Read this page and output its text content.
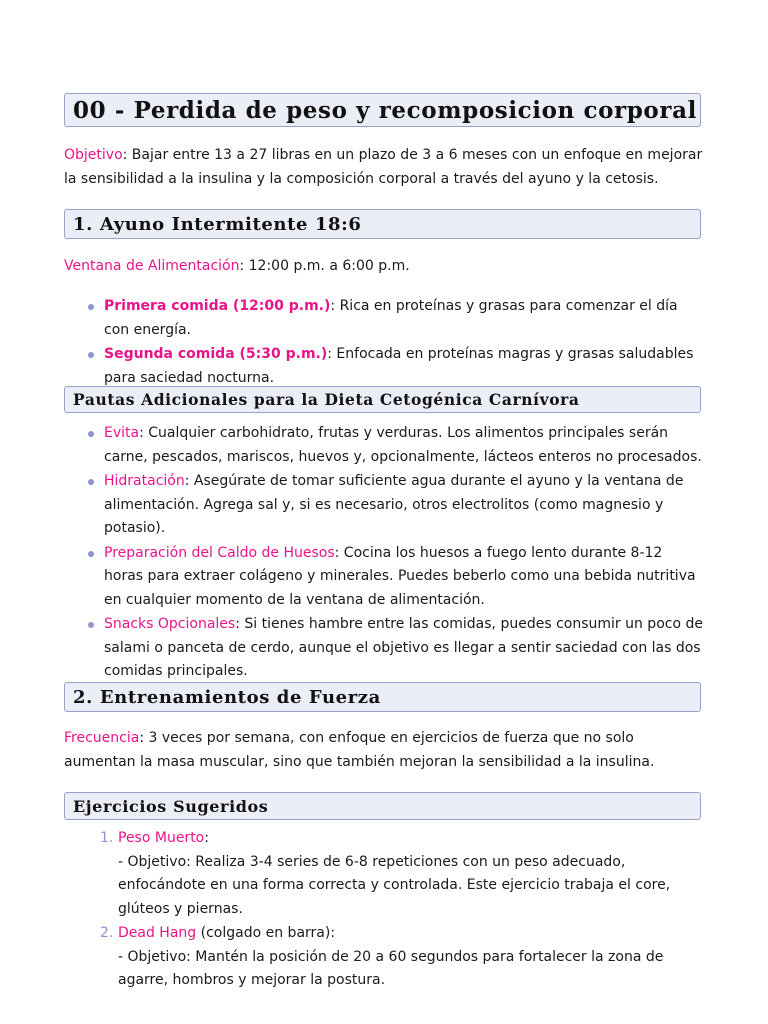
00 - Perdida de peso y recomposicion corporal

Objetivo: Bajar entre 13 a 27 libras en un plazo de 3 a 6 meses con un enfoque en mejorar la sensibilidad a la insulina y la composición corporal a través del ayuno y la cetosis.

1. Ayuno Intermitente 18:6

Ventana de Alimentación: 12:00 p.m. a 6:00 p.m.

Primera comida (12:00 p.m.): Rica en proteínas y grasas para comenzar el día con energía.
Segunda comida (5:30 p.m.): Enfocada en proteínas magras y grasas saludables para saciedad nocturna.
Pautas Adicionales para la Dieta Cetogénica Carnívora
Evita: Cualquier carbohidrato, frutas y verduras. Los alimentos principales serán carne, pescados, mariscos, huevos y, opcionalmente, lácteos enteros no procesados.
Hidratación: Asegúrate de tomar suficiente agua durante el ayuno y la ventana de alimentación. Agrega sal y, si es necesario, otros electrolitos (como magnesio y potasio).
Preparación del Caldo de Huesos: Cocina los huesos a fuego lento durante 8-12 horas para extraer colágeno y minerales. Puedes beberlo como una bebida nutritiva en cualquier momento de la ventana de alimentación.
Snacks Opcionales: Si tienes hambre entre las comidas, puedes consumir un poco de salami o panceta de cerdo, aunque el objetivo es llegar a sentir saciedad con las dos comidas principales.
2. Entrenamientos de Fuerza

Frecuencia: 3 veces por semana, con enfoque en ejercicios de fuerza que no solo aumentan la masa muscular, sino que también mejoran la sensibilidad a la insulina.

Ejercicios Sugeridos
1. Peso Muerto:
- Objetivo: Realiza 3-4 series de 6-8 repeticiones con un peso adecuado, enfocándote en una forma correcta y controlada. Este ejercicio trabaja el core, glúteos y piernas.
2. Dead Hang (colgado en barra):
- Objetivo: Mantén la posición de 20 a 60 segundos para fortalecer la zona de agarre, hombros y mejorar la postura.
